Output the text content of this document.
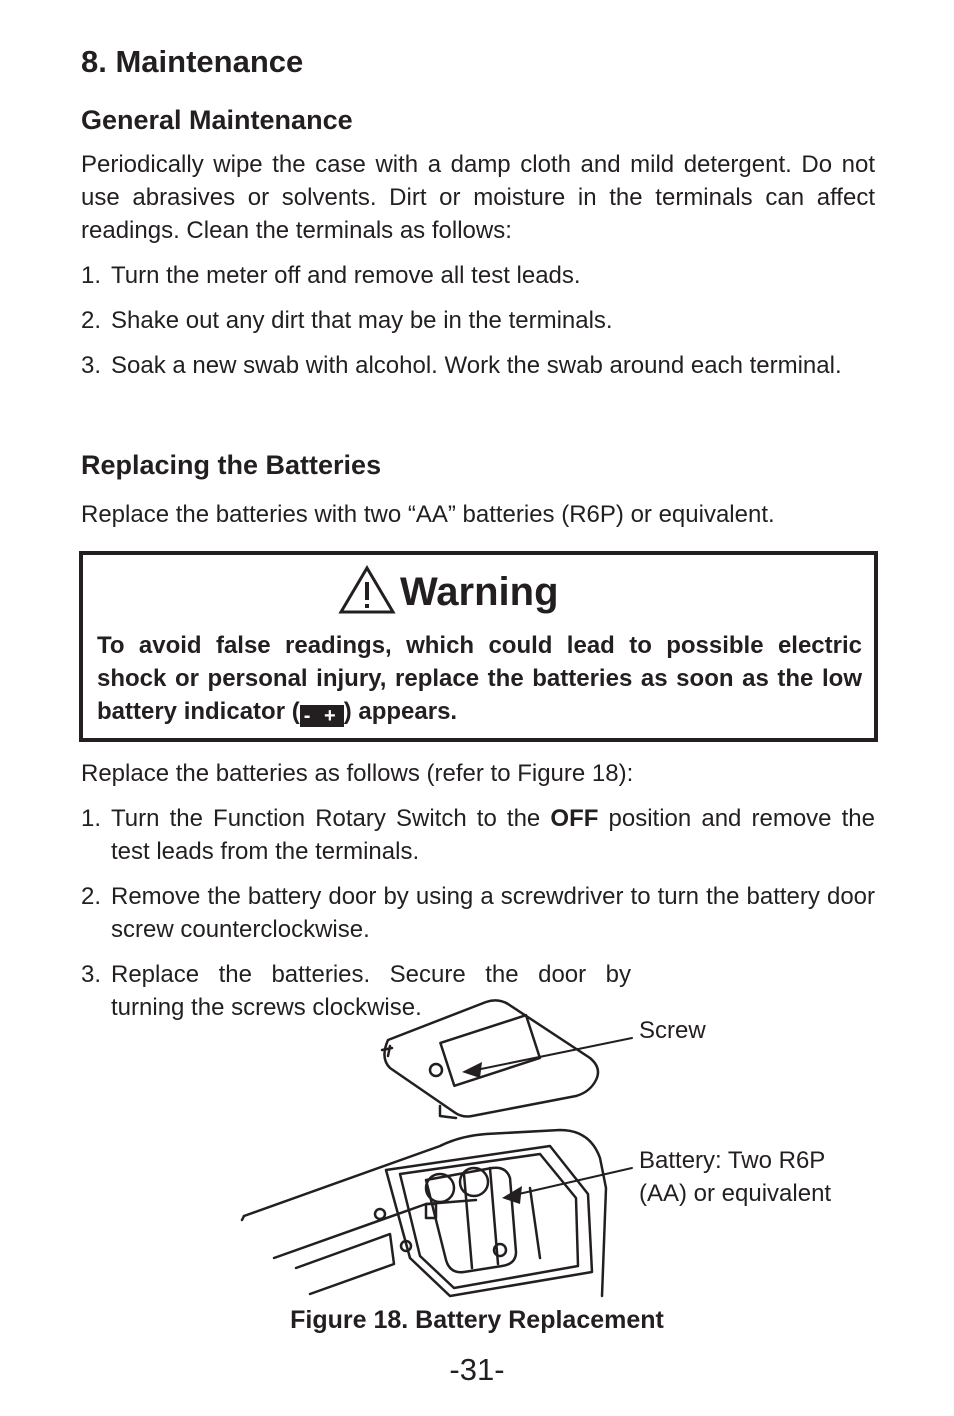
8. Maintenance
General Maintenance

Periodically wipe the case with a damp cloth and mild detergent. Do not use abrasives or solvents. Dirt or moisture in the terminals can affect readings. Clean the terminals as follows:

1. Turn the meter off and remove all test leads.
2. Shake out any dirt that may be in the terminals.
3. Soak a new swab with alcohol. Work the swab around each terminal.
Replacing the Batteries

Replace the batteries with two “AA” batteries (R6P) or equivalent.

Warning
To avoid false readings, which could lead to possible electric shock or personal injury, replace the batteries as soon as the low battery indicator ( - + ) appears.

Replace the batteries as follows (refer to Figure 18):

1. Turn the Function Rotary Switch to the OFF position and remove the test leads from the terminals.
2. Remove the battery door by using a screwdriver to turn the battery door screw counterclockwise.
3. Replace the batteries. Secure the door by turning the screws clockwise.
Screw
Battery: Two R6P
(AA) or equivalent
Figure 18. Battery Replacement
-31-
